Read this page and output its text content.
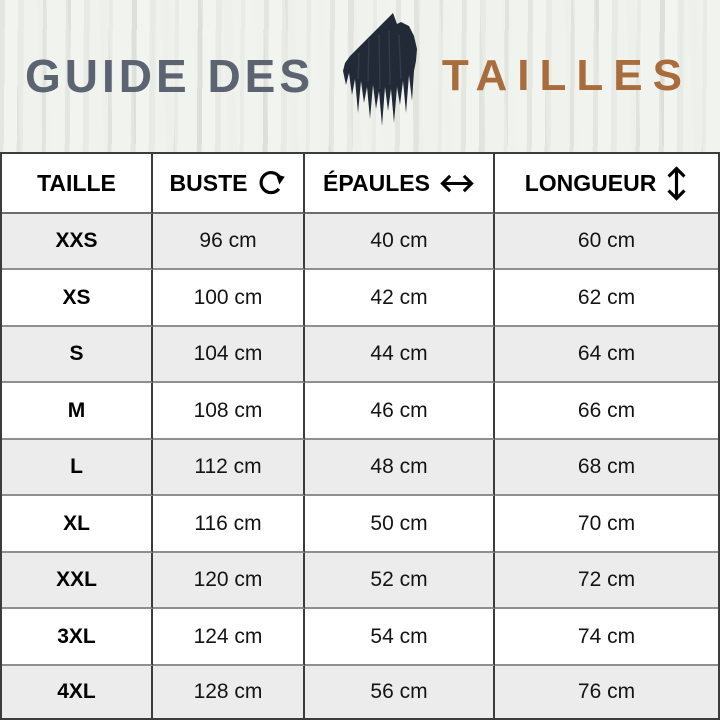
GUIDE DES	TAILLES
TAILLE	BUSTE	ÉPAULES	LONGUEUR

XXS	96 cm	40 cm	60 cm
XS	100 cm	42 cm	62 cm
S	104 cm	44 cm	64 cm
M	108 cm	46 cm	66 cm
L	112 cm	48 cm	68 cm
XL	116 cm	50 cm	70 cm
XXL	120 cm	52 cm	72 cm
3XL	124 cm	54 cm	74 cm
4XL	128 cm	56 cm	76 cm
